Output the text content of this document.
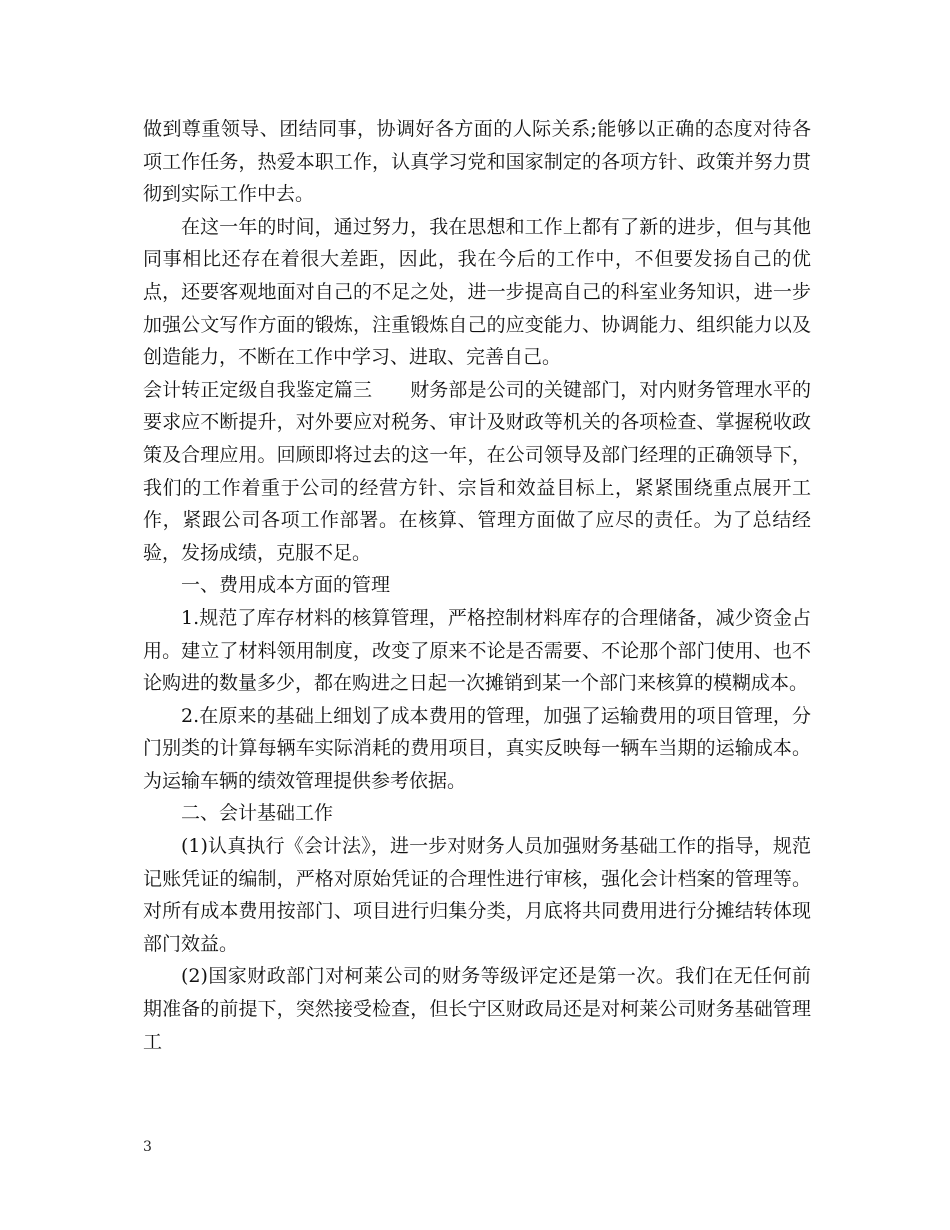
做到尊重领导、团结同事，协调好各方面的人际关系;能够以正确的态度对待各项工作任务，热爱本职工作，认真学习党和国家制定的各项方针、政策并努力贯彻到实际工作中去。

在这一年的时间，通过努力，我在思想和工作上都有了新的进步，但与其他同事相比还存在着很大差距，因此，我在今后的工作中，不但要发扬自己的优点，还要客观地面对自己的不足之处，进一步提高自己的科室业务知识，进一步加强公文写作方面的锻炼，注重锻炼自己的应变能力、协调能力、组织能力以及创造能力，不断在工作中学习、进取、完善自己。

会计转正定级自我鉴定篇三　　财务部是公司的关键部门，对内财务管理水平的要求应不断提升，对外要应对税务、审计及财政等机关的各项检查、掌握税收政策及合理应用。回顾即将过去的这一年，在公司领导及部门经理的正确领导下，我们的工作着重于公司的经营方针、宗旨和效益目标上，紧紧围绕重点展开工作，紧跟公司各项工作部署。在核算、管理方面做了应尽的责任。为了总结经验，发扬成绩，克服不足。

一、费用成本方面的管理

1.规范了库存材料的核算管理，严格控制材料库存的合理储备，减少资金占用。建立了材料领用制度，改变了原来不论是否需要、不论那个部门使用、也不论购进的数量多少，都在购进之日起一次摊销到某一个部门来核算的模糊成本。

2.在原来的基础上细划了成本费用的管理，加强了运输费用的项目管理，分门别类的计算每辆车实际消耗的费用项目，真实反映每一辆车当期的运输成本。为运输车辆的绩效管理提供参考依据。

二、会计基础工作

(1)认真执行《会计法》，进一步对财务人员加强财务基础工作的指导，规范记账凭证的编制，严格对原始凭证的合理性进行审核，强化会计档案的管理等。对所有成本费用按部门、项目进行归集分类，月底将共同费用进行分摊结转体现部门效益。

(2)国家财政部门对柯莱公司的财务等级评定还是第一次。我们在无任何前期准备的前提下，突然接受检查，但长宁区财政局还是对柯莱公司财务基础管理工

3
